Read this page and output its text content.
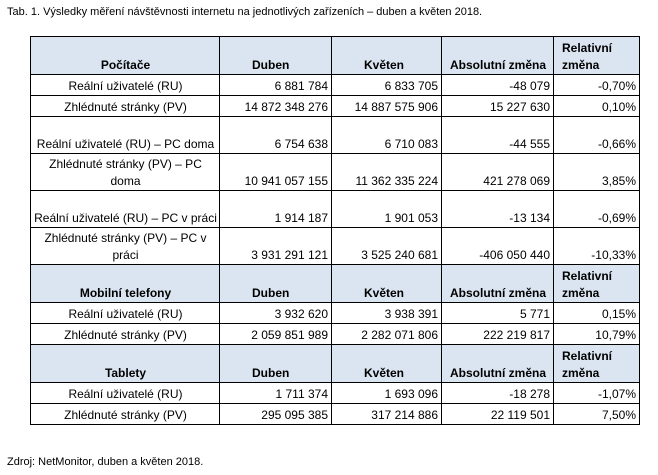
Tab. 1. Výsledky měření návštěvnosti internetu na jednotlivých zařízeních – duben a květen 2018.
Počítače	Duben	Květen	Absolutní změna	Relativní změna
Reální uživatelé (RU)	6 881 784	6 833 705	-48 079	-0,70%
Zhlédnuté stránky (PV)	14 872 348 276	14 887 575 906	15 227 630	0,10%
Reální uživatelé (RU) – PC doma	6 754 638	6 710 083	-44 555	-0,66%
Zhlédnuté stránky (PV) – PC doma	10 941 057 155	11 362 335 224	421 278 069	3,85%
Reální uživatelé (RU) – PC v práci	1 914 187	1 901 053	-13 134	-0,69%
Zhlédnuté stránky (PV) – PC v práci	3 931 291 121	3 525 240 681	-406 050 440	-10,33%
Mobilní telefony	Duben	Květen	Absolutní změna	Relativní změna
Reální uživatelé (RU)	3 932 620	3 938 391	5 771	0,15%
Zhlédnuté stránky (PV)	2 059 851 989	2 282 071 806	222 219 817	10,79%
Tablety	Duben	Květen	Absolutní změna	Relativní změna
Reální uživatelé (RU)	1 711 374	1 693 096	-18 278	-1,07%
Zhlédnuté stránky (PV)	295 095 385	317 214 886	22 119 501	7,50%
Zdroj: NetMonitor, duben a květen 2018.
